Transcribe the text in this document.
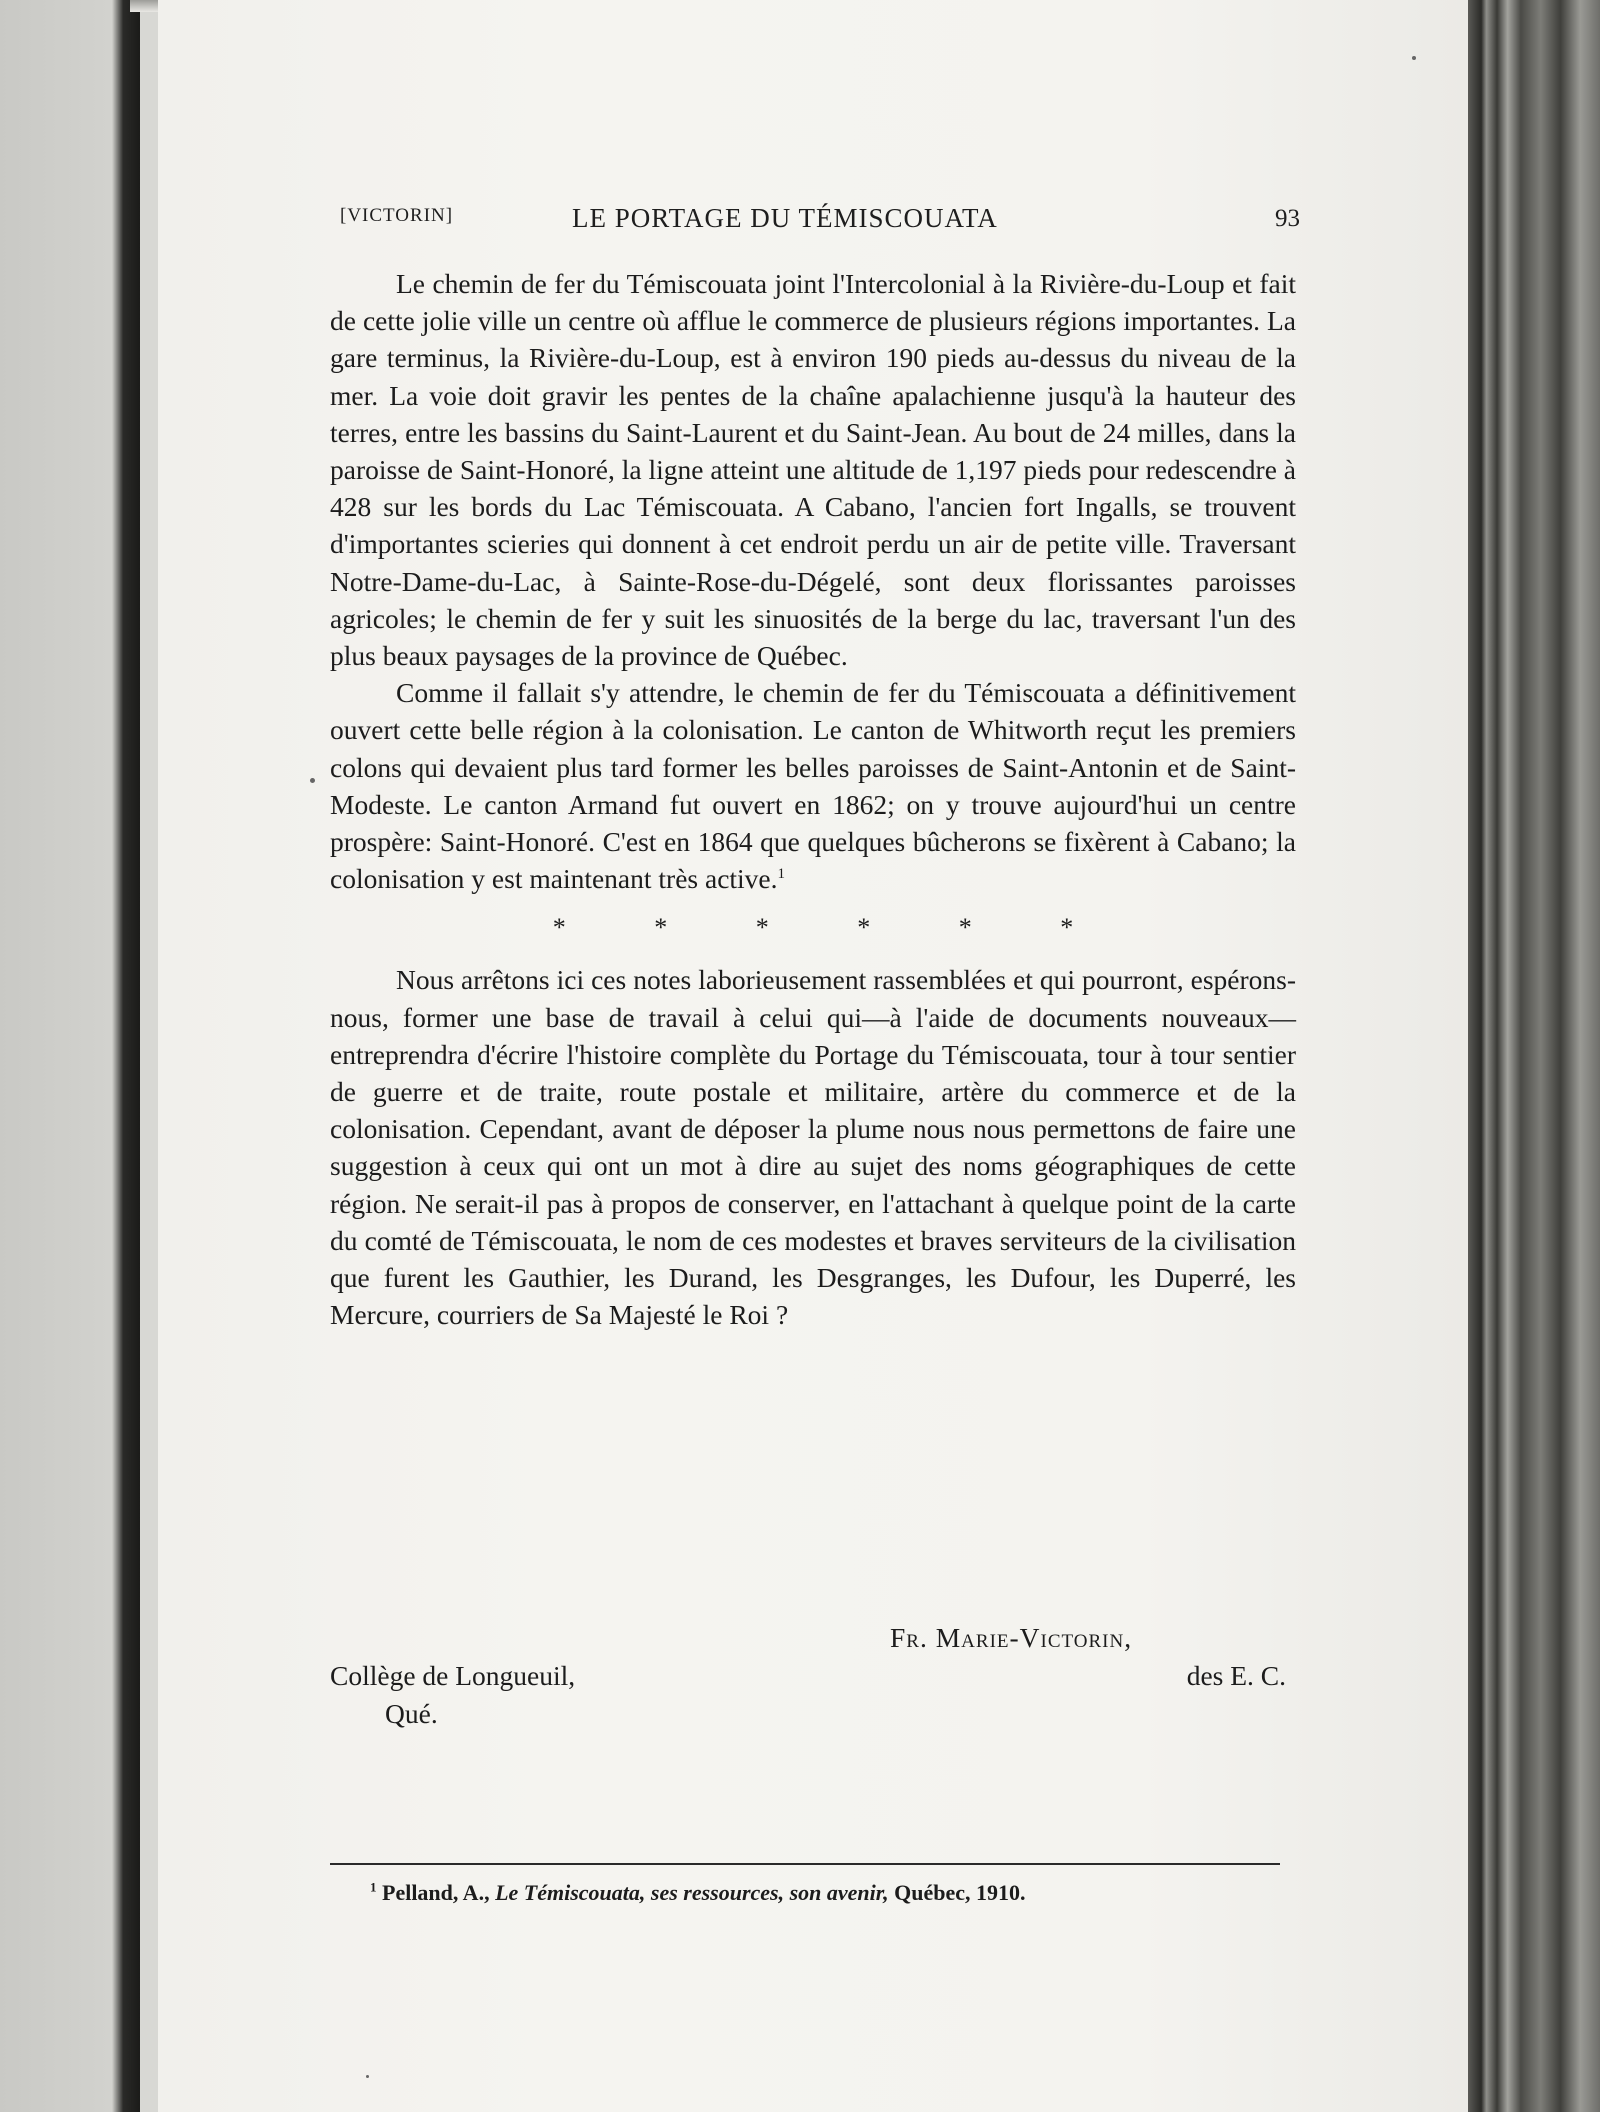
[VICTORIN]	LE PORTAGE DU TÉMISCOUATA	93

Le chemin de fer du Témiscouata joint l'Intercolonial à la Rivière-du-Loup et fait de cette jolie ville un centre où afflue le commerce de plusieurs régions importantes. La gare terminus, la Rivière-du-Loup, est à environ 190 pieds au-dessus du niveau de la mer. La voie doit gravir les pentes de la chaîne apalachienne jusqu'à la hauteur des terres, entre les bassins du Saint-Laurent et du Saint-Jean. Au bout de 24 milles, dans la paroisse de Saint-Honoré, la ligne atteint une altitude de 1,197 pieds pour redescendre à 428 sur les bords du Lac Témiscouata. A Cabano, l'ancien fort Ingalls, se trouvent d'importantes scieries qui donnent à cet endroit perdu un air de petite ville. Traversant Notre-Dame-du-Lac, à Sainte-Rose-du-Dégelé, sont deux florissantes paroisses agricoles; le chemin de fer y suit les sinuosités de la berge du lac, traversant l'un des plus beaux paysages de la province de Québec.

Comme il fallait s'y attendre, le chemin de fer du Témiscouata a définitivement ouvert cette belle région à la colonisation. Le canton de Whitworth reçut les premiers colons qui devaient plus tard former les belles paroisses de Saint-Antonin et de Saint-Modeste. Le canton Armand fut ouvert en 1862; on y trouve aujourd'hui un centre prospère: Saint-Honoré. C'est en 1864 que quelques bûcherons se fixèrent à Cabano; la colonisation y est maintenant très active.$^1$

* * * * * *

Nous arrêtons ici ces notes laborieusement rassemblées et qui pourront, espérons-nous, former une base de travail à celui qui—à l'aide de documents nouveaux—entreprendra d'écrire l'histoire complète du Portage du Témiscouata, tour à tour sentier de guerre et de traite, route postale et militaire, artère du commerce et de la colonisation. Cependant, avant de déposer la plume nous nous permettons de faire une suggestion à ceux qui ont un mot à dire au sujet des noms géographiques de cette région. Ne serait-il pas à propos de conserver, en l'attachant à quelque point de la carte du comté de Témiscouata, le nom de ces modestes et braves serviteurs de la civilisation que furent les Gauthier, les Durand, les Desgranges, les Dufour, les Duperré, les Mercure, courriers de Sa Majesté le Roi ?

Fr. Marie-Victorin,
des E. C.
Collège de Longueuil,
Qué.
$^1$ Pelland, A., Le Témiscouata, ses ressources, son avenir, Québec, 1910.
